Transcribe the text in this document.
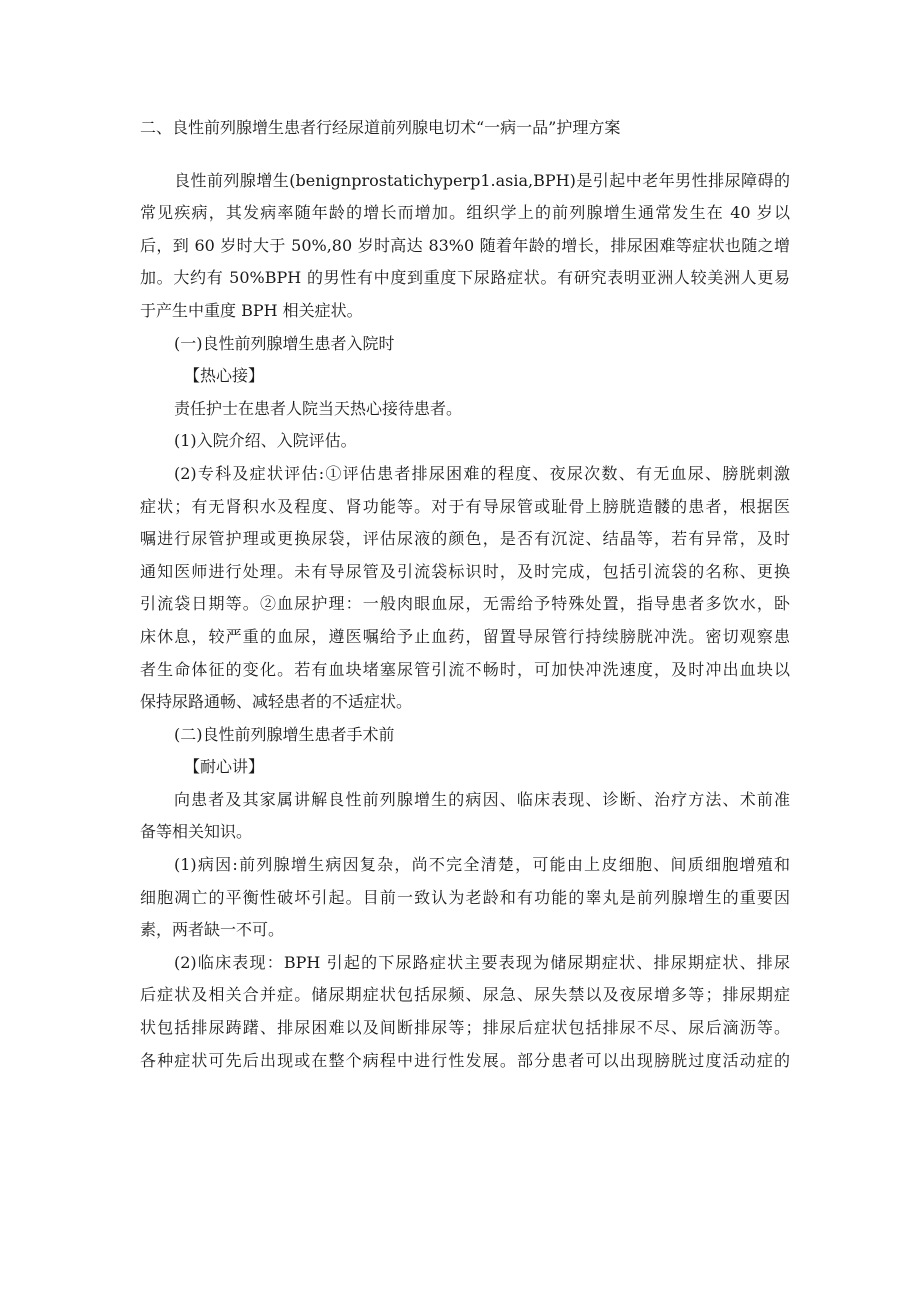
二、良性前列腺增生患者行经尿道前列腺电切术“一病一品”护理方案
良性前列腺增生(benignprostatichyperp1.asia,BPH)是引起中老年男性排尿障碍的
常见疾病，其发病率随年龄的增长而增加。组织学上的前列腺增生通常发生在 40 岁以
后，到 60 岁时大于 50%,80 岁时高达 83%0 随着年龄的增长，排尿困难等症状也随之增
加。大约有 50%BPH 的男性有中度到重度下尿路症状。有研究表明亚洲人较美洲人更易
于产生中重度 BPH 相关症状。
(一)良性前列腺增生患者入院时
【热心接】
责任护士在患者人院当天热心接待患者。
(1)入院介绍、入院评估。
(2)专科及症状评估:①评估患者排尿困难的程度、夜尿次数、有无血尿、膀胱刺激
症状；有无肾积水及程度、肾功能等。对于有导尿管或耻骨上膀胱造髅的患者，根据医
嘱进行尿管护理或更换尿袋，评估尿液的颜色，是否有沉淀、结晶等，若有异常，及时
通知医师进行处理。未有导尿管及引流袋标识时，及时完成，包括引流袋的名称、更换
引流袋日期等。②血尿护理：一般肉眼血尿，无需给予特殊处置，指导患者多饮水，卧
床休息，较严重的血尿，遵医嘱给予止血药，留置导尿管行持续膀胱冲洗。密切观察患
者生命体征的变化。若有血块堵塞尿管引流不畅时，可加快冲洗速度，及时冲出血块以
保持尿路通畅、减轻患者的不适症状。
(二)良性前列腺增生患者手术前
【耐心讲】
向患者及其家属讲解良性前列腺增生的病因、临床表现、诊断、治疗方法、术前准
备等相关知识。
(1)病因:前列腺增生病因复杂，尚不完全清楚，可能由上皮细胞、间质细胞增殖和
细胞凋亡的平衡性破坏引起。目前一致认为老龄和有功能的睾丸是前列腺增生的重要因
素，两者缺一不可。
(2)临床表现：BPH 引起的下尿路症状主要表现为储尿期症状、排尿期症状、排尿
后症状及相关合并症。储尿期症状包括尿频、尿急、尿失禁以及夜尿增多等；排尿期症
状包括排尿踌躇、排尿困难以及间断排尿等；排尿后症状包括排尿不尽、尿后滴沥等。
各种症状可先后出现或在整个病程中进行性发展。部分患者可以出现膀胱过度活动症的
